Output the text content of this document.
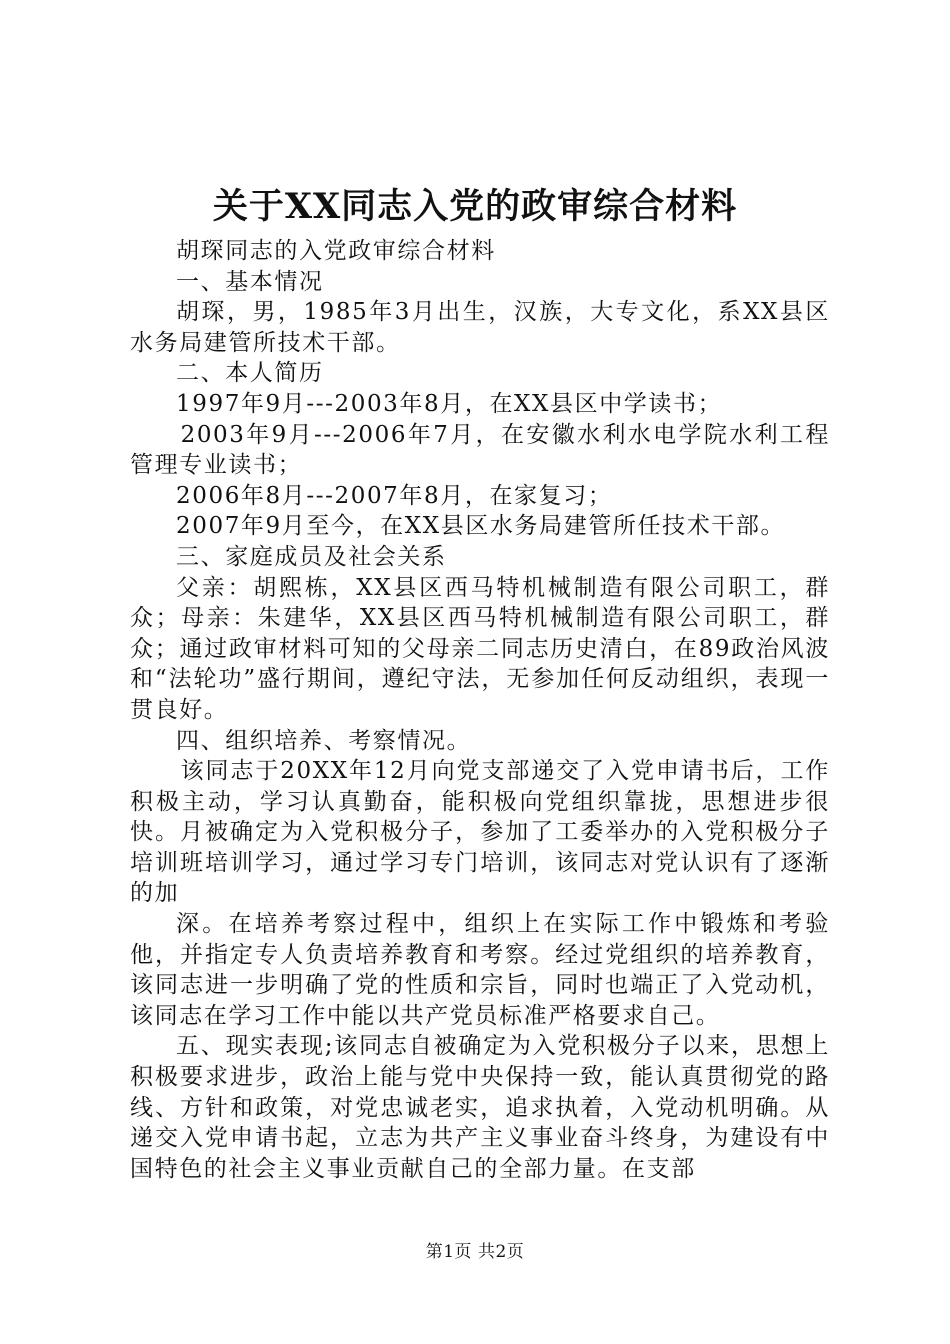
关于XX同志入党的政审综合材料

胡琛同志的入党政审综合材料

一、基本情况

胡琛，男，1985年3月出生，汉族，大专文化，系XX县区水务局建管所技术干部。

二、本人简历

1997年9月---2003年8月，在XX县区中学读书；

2003年9月---2006年7月，在安徽水利水电学院水利工程管理专业读书；

2006年8月---2007年8月，在家复习；

2007年9月至今，在XX县区水务局建管所任技术干部。

三、家庭成员及社会关系

父亲：胡熙栋，XX县区西马特机械制造有限公司职工，群众；母亲：朱建华，XX县区西马特机械制造有限公司职工，群众；通过政审材料可知的父母亲二同志历史清白，在89政治风波和“法轮功”盛行期间，遵纪守法，无参加任何反动组织，表现一贯良好。

四、组织培养、考察情况。

该同志于20XX年12月向党支部递交了入党申请书后，工作积极主动，学习认真勤奋，能积极向党组织靠拢，思想进步很快。月被确定为入党积极分子，参加了工委举办的入党积极分子培训班培训学习，通过学习专门培训，该同志对党认识有了逐渐的加

深。在培养考察过程中，组织上在实际工作中锻炼和考验他，并指定专人负责培养教育和考察。经过党组织的培养教育，该同志进一步明确了党的性质和宗旨，同时也端正了入党动机，该同志在学习工作中能以共产党员标准严格要求自己。

五、现实表现;该同志自被确定为入党积极分子以来，思想上积极要求进步，政治上能与党中央保持一致，能认真贯彻党的路线、方针和政策，对党忠诚老实，追求执着，入党动机明确。从递交入党申请书起，立志为共产主义事业奋斗终身，为建设有中国特色的社会主义事业贡献自己的全部力量。在支部

第1页 共2页
